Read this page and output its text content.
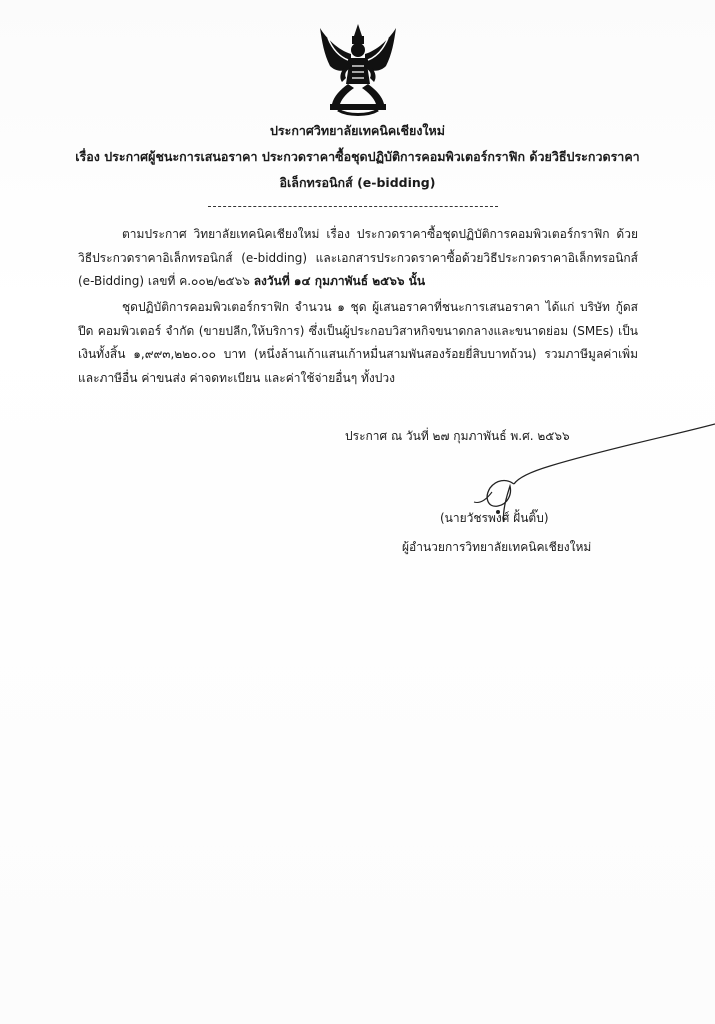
ประกาศวิทยาลัยเทคนิคเชียงใหม่
เรื่อง ประกาศผู้ชนะการเสนอราคา ประกวดราคาซื้อชุดปฏิบัติการคอมพิวเตอร์กราฟิก ด้วยวิธีประกวดราคา
อิเล็กทรอนิกส์ (e-bidding)
ตามประกาศ วิทยาลัยเทคนิคเชียงใหม่ เรื่อง ประกวดราคาซื้อชุดปฏิบัติการคอมพิวเตอร์กราฟิก ด้วยวิธีประกวดราคาอิเล็กทรอนิกส์ (e-bidding) และเอกสารประกวดราคาซื้อด้วยวิธีประกวดราคาอิเล็กทรอนิกส์ (e-Bidding) เลขที่ ค.๐๐๒/๒๕๖๖ ลงวันที่ ๑๔ กุมภาพันธ์ ๒๕๖๖ นั้น
ชุดปฏิบัติการคอมพิวเตอร์กราฟิก จำนวน ๑ ชุด ผู้เสนอราคาที่ชนะการเสนอราคา ได้แก่ บริษัท กู้ดสปีด คอมพิวเตอร์ จำกัด (ขายปลีก,ให้บริการ) ซึ่งเป็นผู้ประกอบวิสาหกิจขนาดกลางและขนาดย่อม (SMEs) เป็นเงินทั้งสิ้น ๑,๙๙๓,๒๒๐.๐๐ บาท (หนึ่งล้านเก้าแสนเก้าหมื่นสามพันสองร้อยยี่สิบบาทถ้วน) รวมภาษีมูลค่าเพิ่มและภาษีอื่น ค่าขนส่ง ค่าจดทะเบียน และค่าใช้จ่ายอื่นๆ ทั้งปวง
ประกาศ ณ วันที่ ๒๗ กุมภาพันธ์ พ.ศ. ๒๕๖๖
(นายวัชรพงศ์ ฝั้นติ๊บ)
ผู้อำนวยการวิทยาลัยเทคนิคเชียงใหม่
